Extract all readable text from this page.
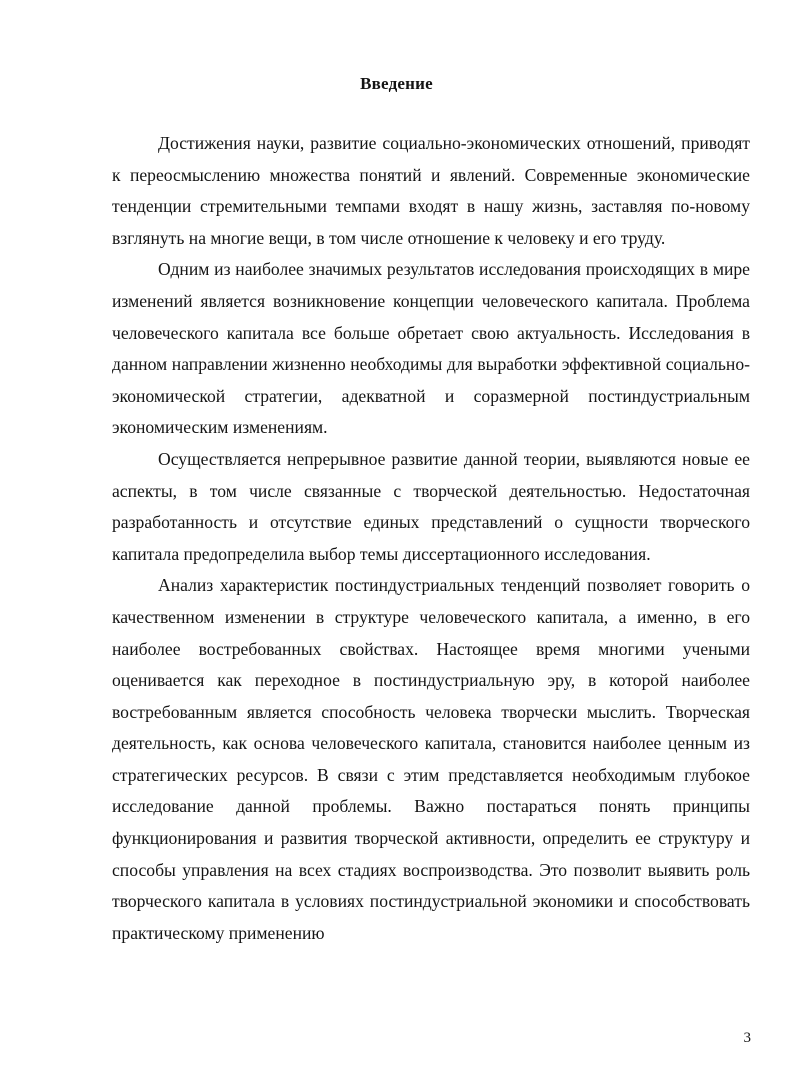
Введение

Достижения науки, развитие социально-экономических отношений, приводят к переосмыслению множества понятий и явлений. Современные экономические тенденции стремительными темпами входят в нашу жизнь, заставляя по-новому взглянуть на многие вещи, в том числе отношение к человеку и его труду.

Одним из наиболее значимых результатов исследования происходящих в мире изменений является возникновение концепции человеческого капитала. Проблема человеческого капитала все больше обретает свою актуальность. Исследования в данном направлении жизненно необходимы для выработки эффективной социально-экономической стратегии, адекватной и соразмерной постиндустриальным экономическим изменениям.

Осуществляется непрерывное развитие данной теории, выявляются новые ее аспекты, в том числе связанные с творческой деятельностью. Недостаточная разработанность и отсутствие единых представлений о сущности творческого капитала предопределила выбор темы диссертационного исследования.

Анализ характеристик постиндустриальных тенденций позволяет говорить о качественном изменении в структуре человеческого капитала, а именно, в его наиболее востребованных свойствах. Настоящее время многими учеными оценивается как переходное в постиндустриальную эру, в которой наиболее востребованным является способность человека творчески мыслить. Творческая деятельность, как основа человеческого капитала, становится наиболее ценным из стратегических ресурсов. В связи с этим представляется необходимым глубокое исследование данной проблемы. Важно постараться понять принципы функционирования и развития творческой активности, определить ее структуру и способы управления на всех стадиях воспроизводства. Это позволит выявить роль творческого капитала в условиях постиндустриальной экономики и способствовать практическому применению

3
